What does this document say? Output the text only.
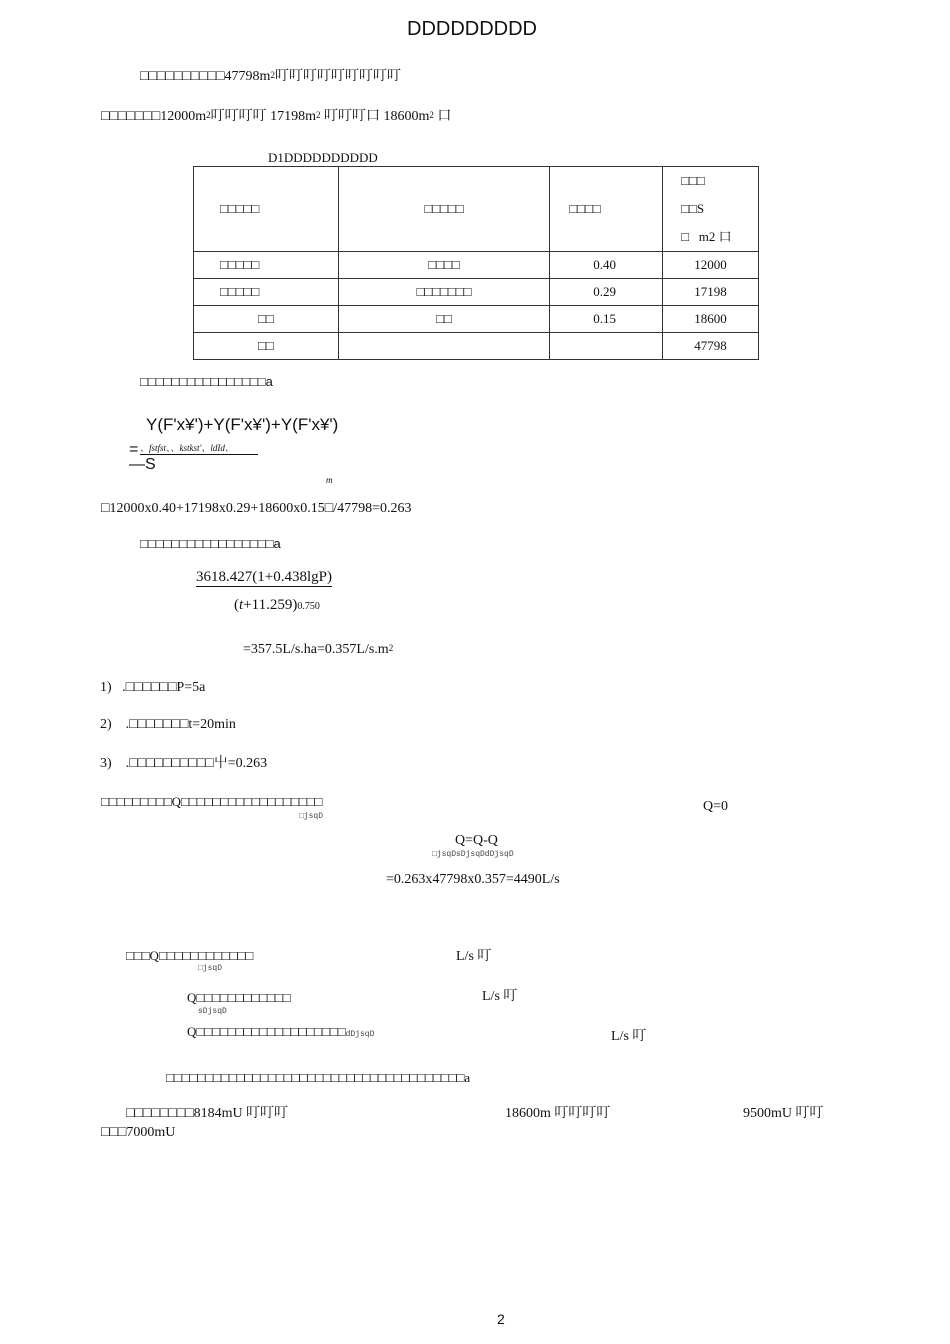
DDDDDDDDD
$□□□□□□□□□□47798m^2$叮叮叮叮叮叮叮叮叮
$□□□□□□□12000m^2$叮叮叮叮 $17198m^2$ 叮叮叮口 $18600m^2$ 口
D1DDDDDDDDDD
□□□□□	□□□□□	□□□□	□□□
□□S
□ m2 口

□□□□□	□□□□	0.40	12000
□□□□□	□□□□□□□	0.29	17198
□□	□□	0.15	18600
□□			47798
□□□□□□□□□□□□□□□□a
Y(F'x¥')+Y(F'x¥')+Y(F'x¥')
= 、fstfst、、kstkst'、ldId、
—S
m
□12000x0.40+17198x0.29+18600x0.15□/47798=0.263
□□□□□□□□□□□□□□□□□a
3618.427(1+0.438lgP)
(t+11.259)0.750
$=357.5L/s.ha=0.357L/s.m^2$
1) .□□□□□□P=5a
2) .□□□□□□□t=20min
3) .□□□□□□□□□□屮=0.263
□□□□□□□□□Q□□□□□□□□□□□□□□□□□□
□jsqD
Q=0
Q=Q-Q
□jsqDsDjsqDdDjsqD
=0.263x47798x0.357=4490L/s
□□□Q□□□□□□□□□□□□
□jsqD
L/s 叮
Q□□□□□□□□□□□□
sDjsqD
L/s 叮
Q□□□□□□□□□□□□□□□□□□□dDjsqD	L/s 叮
□□□□□□□□□□□□□□□□□□□□□□□□□□□□□□□□□□□□□□a
□□□□□□□□8184mU 叮叮叮	18600m 叮叮叮叮	9500mU 叮叮
□□□7000mU
2
